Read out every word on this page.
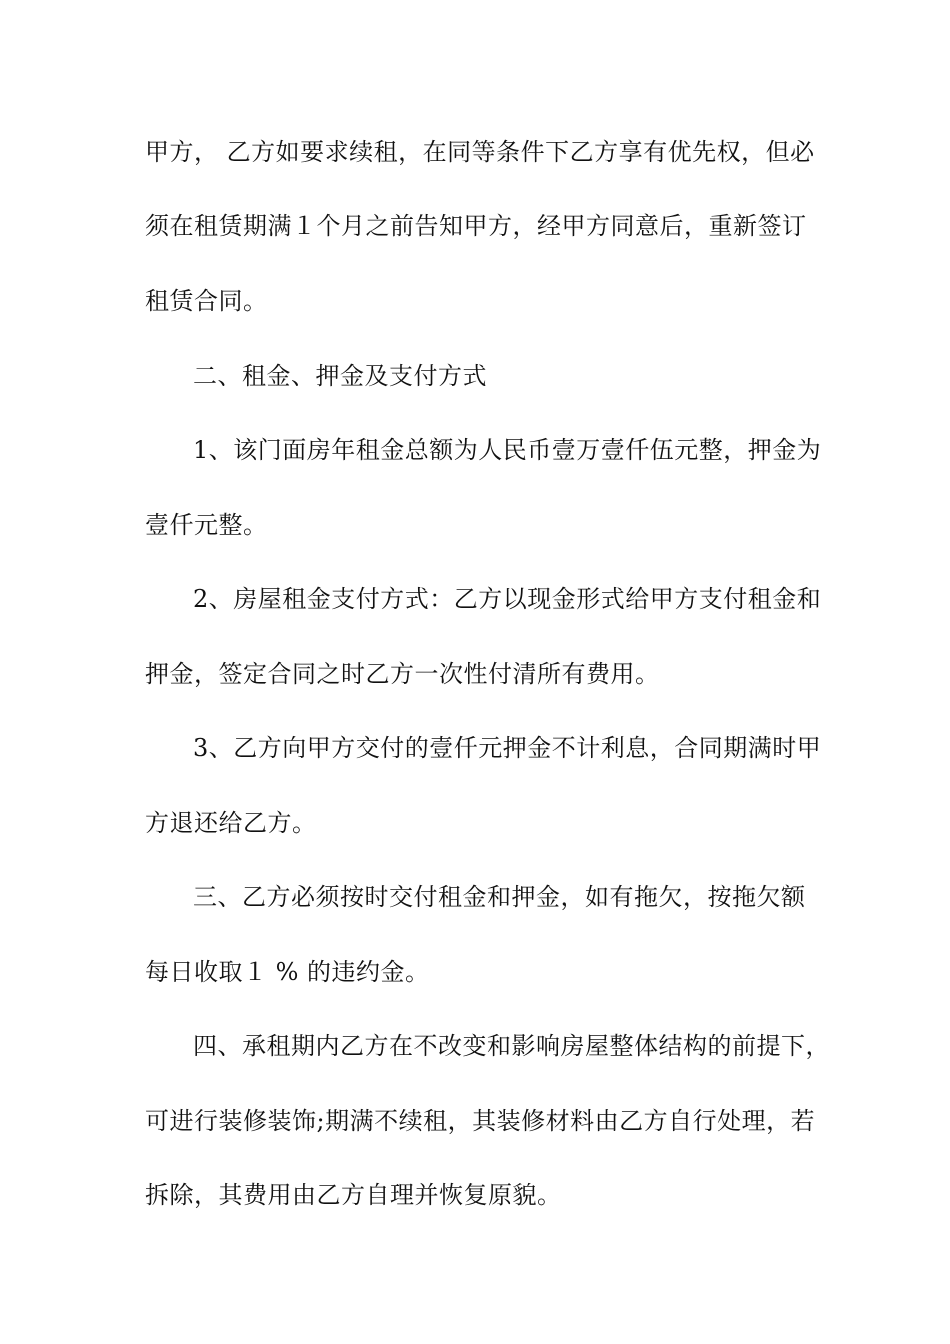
甲方， 乙方如要求续租，在同等条件下乙方享有优先权，但必
须在租赁期满１个月之前告知甲方，经甲方同意后，重新签订
租赁合同。
二、租金、押金及支付方式
1、该门面房年租金总额为人民币壹万壹仟伍元整，押金为
壹仟元整。
2、房屋租金支付方式：乙方以现金形式给甲方支付租金和
押金，签定合同之时乙方一次性付清所有费用。
3、乙方向甲方交付的壹仟元押金不计利息，合同期满时甲
方退还给乙方。
三、乙方必须按时交付租金和押金，如有拖欠，按拖欠额
每日收取１ % 的违约金。
四、承租期内乙方在不改变和影响房屋整体结构的前提下，
可进行装修装饰;期满不续租，其装修材料由乙方自行处理，若
拆除，其费用由乙方自理并恢复原貌。
